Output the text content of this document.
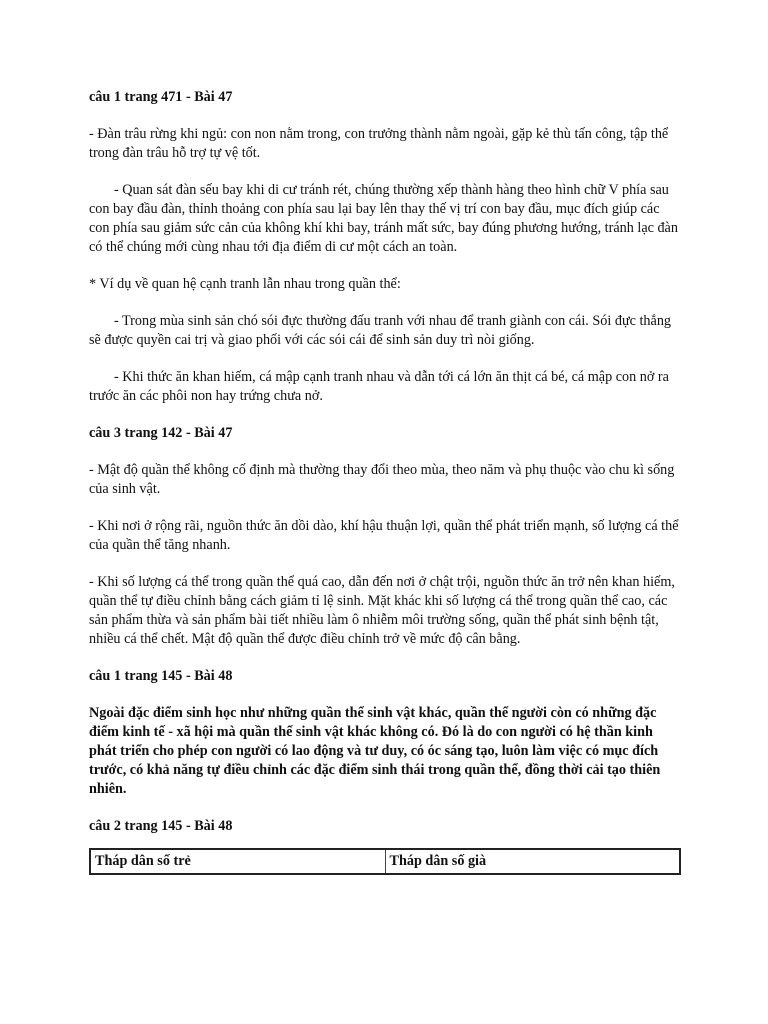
câu 1 trang 471 - Bài 47
- Đàn trâu rừng khi ngủ: con non nằm trong, con trưởng thành nằm ngoài, gặp kẻ thù tấn công, tập thể trong đàn trâu hỗ trợ tự vệ tốt.
- Quan sát đàn sếu bay khi di cư tránh rét, chúng thường xếp thành hàng theo hình chữ V phía sau con bay đầu đàn, thỉnh thoảng con phía sau lại bay lên thay thế vị trí con bay đầu, mục đích giúp các con phía sau giảm sức cản của không khí khi bay, tránh mất sức, bay đúng phương hướng, tránh lạc đàn có thể chúng mới cùng nhau tới địa điểm di cư một cách an toàn.
* Ví dụ về quan hệ cạnh tranh lẫn nhau trong quần thể:
- Trong mùa sinh sản chó sói đực thường đấu tranh với nhau để tranh giành con cái. Sói đực thắng sẽ được quyền cai trị và giao phối với các sói cái để sinh sản duy trì nòi giống.
- Khi thức ăn khan hiếm, cá mập cạnh tranh nhau và dẫn tới cá lớn ăn thịt cá bé, cá mập con nở ra trước ăn các phôi non hay trứng chưa nở.
câu 3 trang 142 - Bài 47
- Mật độ quần thể không cố định mà thường thay đổi theo mùa, theo năm và phụ thuộc vào chu kì sống của sinh vật.
- Khi nơi ở rộng rãi, nguồn thức ăn dồi dào, khí hậu thuận lợi, quần thể phát triển mạnh, số lượng cá thể của quần thể tăng nhanh.
- Khi số lượng cá thể trong quần thể quá cao, dẫn đến nơi ở chật trội, nguồn thức ăn trở nên khan hiếm, quần thể tự điều chỉnh bằng cách giảm tỉ lệ sinh. Mặt khác khi số lượng cá thể trong quần thể cao, các sản phẩm thừa và sản phẩm bài tiết nhiều làm ô nhiễm môi trường sống, quần thể phát sinh bệnh tật, nhiều cá thể chết. Mật độ quần thể được điều chỉnh trở về mức độ cân bằng.
câu 1 trang 145 - Bài 48
Ngoài đặc điểm sinh học như những quần thể sinh vật khác, quần thể người còn có những đặc điểm kinh tế - xã hội mà quần thể sinh vật khác không có. Đó là do con người có hệ thần kinh phát triển cho phép con người có lao động và tư duy, có óc sáng tạo, luôn làm việc có mục đích trước, có khả năng tự điều chỉnh các đặc điểm sinh thái trong quần thể, đồng thời cải tạo thiên nhiên.
câu 2 trang 145 - Bài 48
Tháp dân số trẻ	Tháp dân số già
